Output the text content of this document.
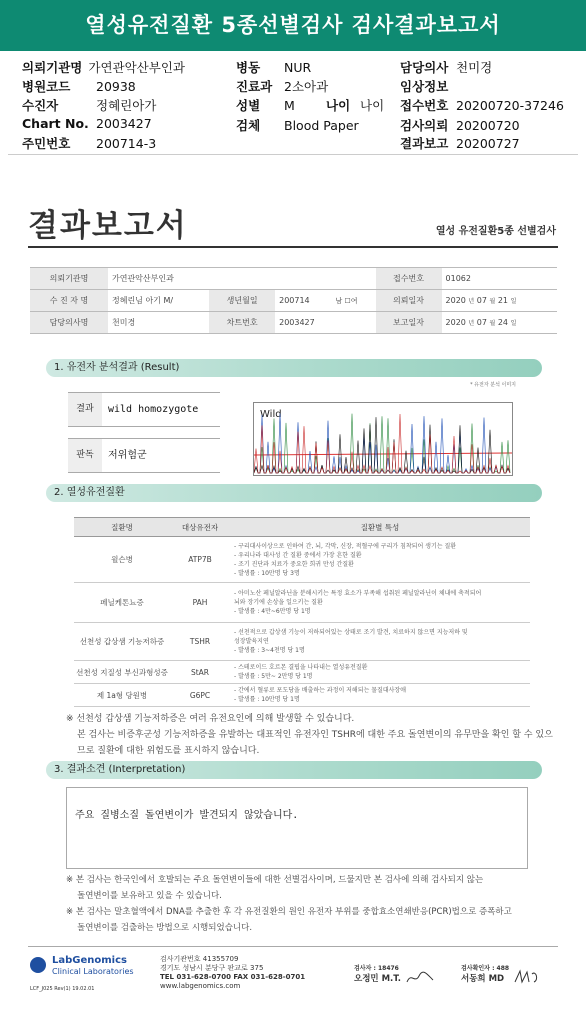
열성유전질환 5종선별검사 검사결과보고서
의뢰기관명 가연관악산부인과
병원코드 20938
수진자	정혜린아가
Chart No. 2003427
주민번호 200714-3
병동 NUR
진료과 2소아과
성별 M 나이 나이
검체 Blood Paper
담당의사 천미경
임상정보
접수번호 20200720-37246
검사의뢰 20200720
결과보고 20200727
결과보고서	열성 유전질환5종 선별검사
의뢰기관명	가연관악산부인과				접수번호	01062
수 진 자 명	정혜린님 아기 M/	생년월일	200714	남 ☐여	의뢰일자	2020 년 07 월 21 일
담당의사명	천미경	차트번호	2003427		보고일자	2020 년 07 월 24 일
1. 유전자 분석결과 (Result)
* 유전자 분석 이미지
결과	wild homozygote
판독	저위험군
Wild
2. 열성유전질환
질환명	대상유전자	질환별 특성
윌슨병	ATP7B	- 구리대사이상으로 인하여 간, 뇌, 각막, 신장, 적혈구에 구리가 침착되어 생기는 질환
- 우리나라 대사성 간 질환 중에서 가장 흔한 질환
- 조기 진단과 치료가 중요한 희귀 만성 간질환
- 발생률 : 10만명 당 3명

페닐케톤뇨증	PAH	- 아미노산 페닐알라닌을 분해시키는 특정 효소가 부족해 섭취된 페닐알라닌이 체내에 축적되어
뇌와 장기에 손상을 일으키는 질환
- 발생률 : 4만~6만명 당 1명

선천성 갑상샘 기능저하증	TSHR	- 선천적으로 갑상샘 기능이 저하되어있는 상태로 조기 발견, 치료하지 않으면 지능저하 및
성장발육지연
- 발생률 : 3~4천명 당 1명

선천성 지질성 부신과형성증	StAR	- 스테로이드 호르몬 결핍을 나타내는 열성유전질환
- 발생률 : 5만~ 2만명 당 1명

제 1a형 당원병	G6PC	- 간에서 혈류로 포도당을 배출하는 과정이 저해되는 물질대사장애
- 발생률 : 10만명 당 1명
※ 선천성 갑상샘 기능저하증은 여러 유전요인에 의해 발생할 수 있습니다.
본 검사는 비증후군성 기능저하증을 유발하는 대표적인 유전자인 TSHR에 대한 주요 돌연변이의 유무만을 확인 할 수 있으
므로 질환에 대한 위험도를 표시하지 않습니다.
3. 결과소견 (Interpretation)
주요 질병소질 돌연변이가 발견되지 않았습니다.
※ 본 검사는 한국인에서 호발되는 주요 돌연변이들에 대한 선별검사이며, 드물지만 본 검사에 의해 검사되지 않는
돌연변이를 보유하고 있을 수 있습니다.
※ 본 검사는 말초혈액에서 DNA를 추출한 후 각 유전질환의 원인 유전자 부위를 중합효소연쇄반응(PCR)법으로 증폭하고
돌연변이를 검출하는 방법으로 시행되었습니다.
LabGenomics
Clinical Laboratories
LCF_J025 Rev(1) 19.02.01
검사기관번호 41355709
경기도 성남시 분당구 판교로 375
TEL 031-628-0700 FAX 031-628-0701
www.labgenomics.com
검사자 : 18476
오정민 M.T.
검사확인자 : 488
서동희 MD
